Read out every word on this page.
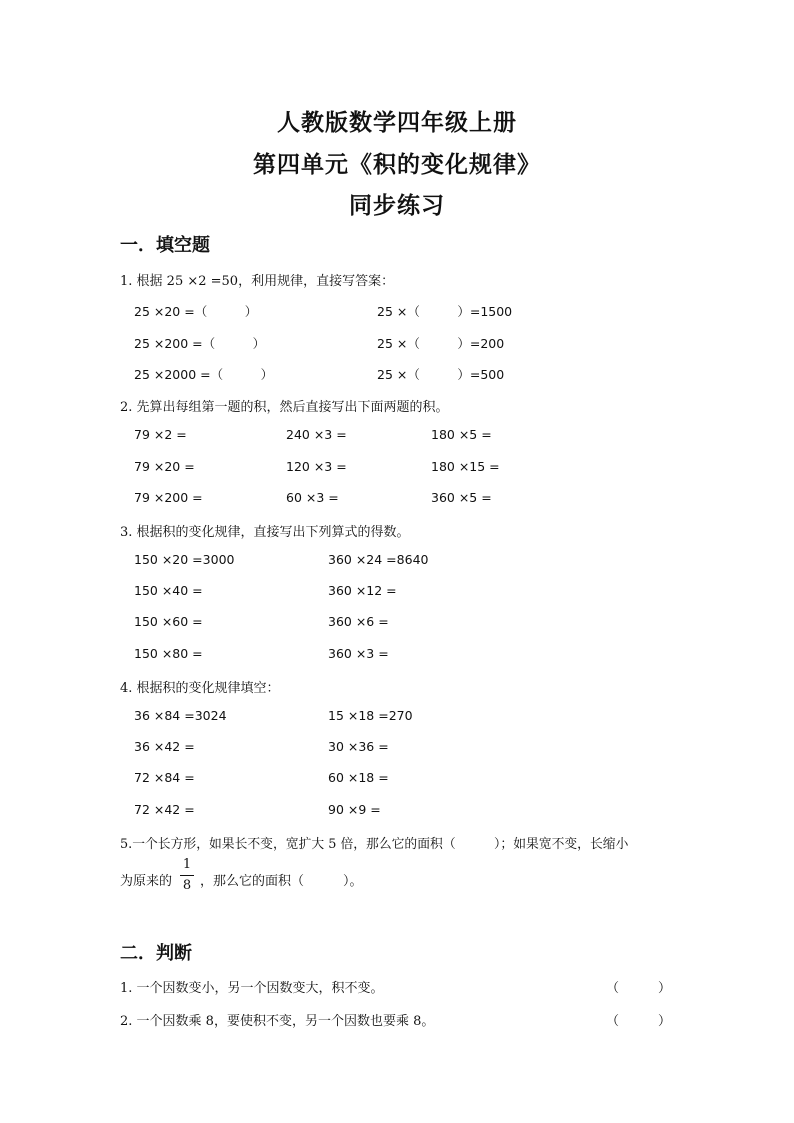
人教版数学四年级上册
第四单元《积的变化规律》
同步练习
一．填空题
1. 根据 25 ×2 =50，利用规律，直接写答案：
25 ×20 =（　　　）
25 ×200 =（　　　）
25 ×2000 =（　　　）
25 ×（　　　）=1500
25 ×（　　　）=200
25 ×（　　　）=500
2. 先算出每组第一题的积，然后直接写出下面两题的积。
79 ×2 =
79 ×20 =
79 ×200 =
240 ×3 =
120 ×3 =
60 ×3 =
180 ×5 =
180 ×15 =
360 ×5 =
3. 根据积的变化规律，直接写出下列算式的得数。
150 ×20 =3000
150 ×40 =
150 ×60 =
150 ×80 =
360 ×24 =8640
360 ×12 =
360 ×6 =
360 ×3 =
4. 根据积的变化规律填空：
36 ×84 =3024
36 ×42 =
72 ×84 =
72 ×42 =
15 ×18 =270
30 ×36 =
60 ×18 =
90 ×9 =
5.一个长方形，如果长不变，宽扩大 5 倍，那么它的面积（　　　）；如果宽不变，长缩小
为原来的
1
8 ，那么它的面积（　　　）。
二．判断
1. 一个因数变小，另一个因数变大，积不变。	（　　　）
2. 一个因数乘 8，要使积不变，另一个因数也要乘 8。	（　　　）
